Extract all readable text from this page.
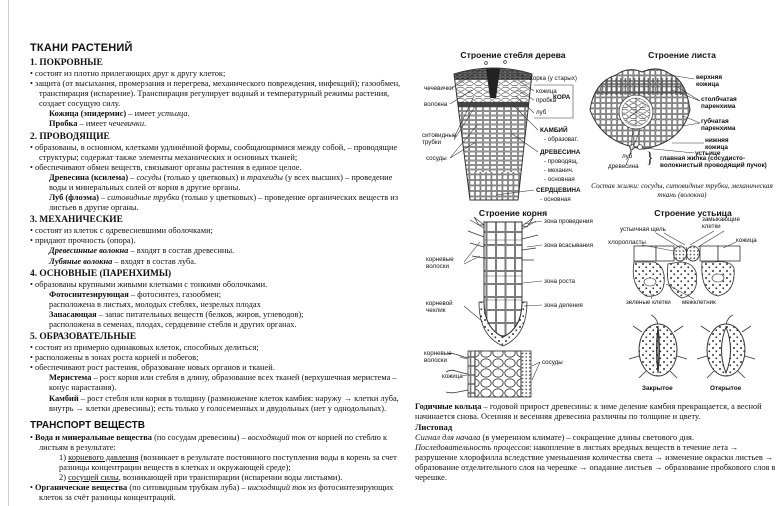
ТКАНИ РАСТЕНИЙ
1. ПОКРОВНЫЕ
• состоят из плотно прилегающих друг к другу клеток;
• защита (от высыхания, промерзания и перегрева, механического повреждения, инфекций); газообмен, транспирация (испарение). Транспирация регулирует водный и температурный режимы растения, создает сосущую силу.
Кожица (эпидермис) – имеет устьица.
Пробка – имеет чечевички.
2. ПРОВОДЯЩИЕ
• образованы, в основном, клетками удлинённой формы, сообщающимися между собой, – проводящие структуры; содержат также элементы механических и основных тканей;
• обеспечивают обмен веществ, связывают органы растения в единое целое.
Древесина (ксилема) – сосуды (только у цветковых) и трахеиды (у всех высших) – проведение воды и минеральных солей от корня в другие органы.
Луб (флоэма) – ситовидные трубки (только у цветковых) – проведение органических веществ из листьев в другие органы.
3. МЕХАНИЧЕСКИЕ
• состоят из клеток с одревесневшими оболочками;
• придают прочность (опора).
Древесинные волокна – входят в состав древесины.
Лубяные волокна – входят в состав луба.
4. ОСНОВНЫЕ (ПАРЕНХИМЫ)
• образованы крупными живыми клетками с тонкими оболочками.
Фотосинтезирующая – фотосинтез, газообмен;
расположена в листьях, молодых стеблях, незрелых плодах
Запасающая – запас питательных веществ (белков, жиров, углеводов);
расположена в семенах, плодах, сердцевине стебля и других органах.
5. ОБРАЗОВАТЕЛЬНЫЕ
• состоят из примерно одинаковых клеток, способных делиться;
• расположены в зонах роста корней и побегов;
• обеспечивают рост растения, образование новых органов и тканей.
Меристема – рост корня или стебля в длину, образование всех тканей (верхушечная меристема – конус нарастания).
Камбий – рост стебля или корня в толщину (размножение клеток камбия: наружу → клетки луба, внутрь → клетки древесины); есть только у голосеменных и двудольных (нет у однодольных).
ТРАНСПОРТ ВЕЩЕСТВ
• Вода и минеральные вещества (по сосудам древесины) – восходящий ток от корней по стеблю к листьям в результате:
1) корневого давления (возникает в результате постоянного поступления воды в корень за счет разницы концентрации веществ в клетках и окружающей среде);
2) сосущей силы, возникающей при транспирации (испарении воды листьями).
• Органические вещества (по ситовидным трубкам луба) – нисходящий ток из фотосинтезирующих клеток за счёт разницы концентраций.
Строение стебля дерева
чечевички
волокна
ситовидные трубки
сосуды
корка (у старых)
кожица
пробка
КОРА
луб
КАМБИЙ
- образоват.
ДРЕВЕСИНА
- проводящ.
- механич.
- основная
СЕРДЦЕВИНА
- основная
Строение листа
верхняя кожица
столбчатая паренхима
губчатая паренхима
нижняя кожица
устьице
луб
древесина } главная жилка (сосудисто-волокнистый проводящий пучок)
Состав жилки: сосуды, ситовидные трубки, механическая ткань (волокна)
Строение корня
корневые волоски
корневой чехлик
зона проведения
зона всасывания
зона роста
зона деления
корневые волоски
кожица
сосуды
Строение устьица
устьичная щель
замыкающие клетки
хлоропласты	кожица
зеленые клетки межклетник
Закрытое	Открытое
Годичные кольца – годовой прирост древесины: к зиме деление камбия прекращается, а весной начинается снова. Осенняя и весенняя древесина различны по толщине и цвету.
Листопад
Сигнал для начала (в умеренном климате) – сокращение длины светового дня.
Последовательность процессов: накопление в листьях вредных веществ в течение лета → разрушение хлорофилла вследствие уменьшения количества света → изменение окраски листьев → образование отделительного слоя на черешке → опадание листьев → образование пробкового слоя в черешке.
